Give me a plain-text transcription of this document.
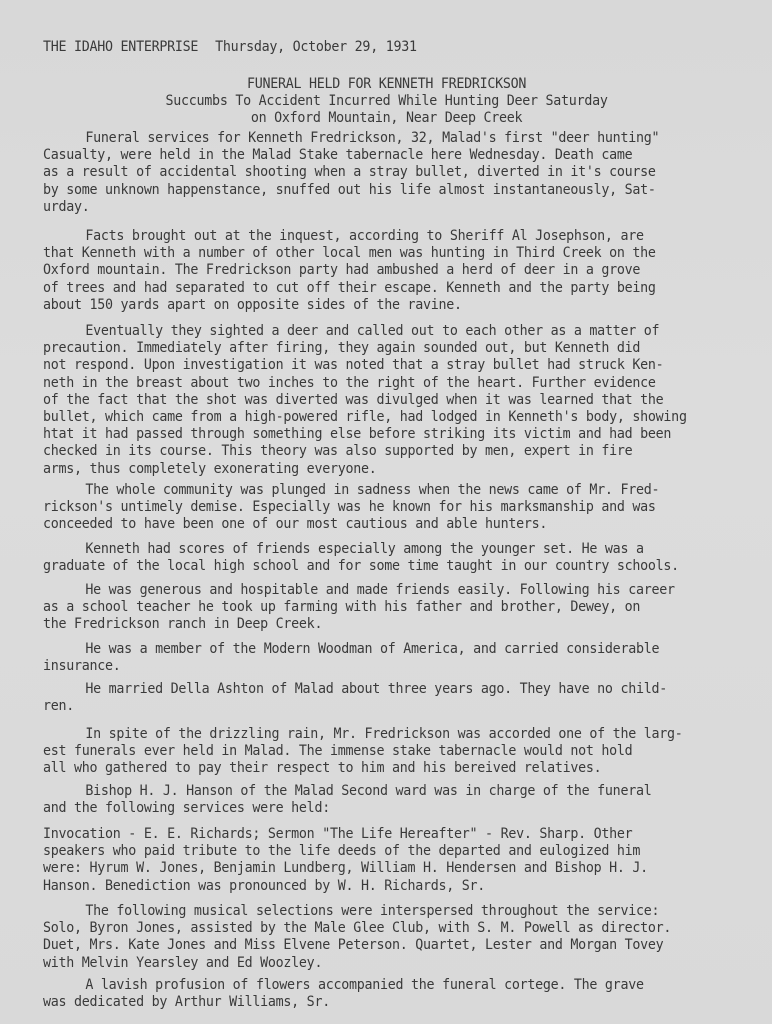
THE IDAHO ENTERPRISE Thursday, October 29, 1931
FUNERAL HELD FOR KENNETH FREDRICKSON
Succumbs To Accident Incurred While Hunting Deer Saturday
on Oxford Mountain, Near Deep Creek
Funeral services for Kenneth Fredrickson, 32, Malad's first "deer hunting"
Casualty, were held in the Malad Stake tabernacle here Wednesday. Death came
as a result of accidental shooting when a stray bullet, diverted in it's course
by some unknown happenstance, snuffed out his life almost instantaneously, Sat-
urday.
Facts brought out at the inquest, according to Sheriff Al Josephson, are
that Kenneth with a number of other local men was hunting in Third Creek on the
Oxford mountain. The Fredrickson party had ambushed a herd of deer in a grove
of trees and had separated to cut off their escape. Kenneth and the party being
about 150 yards apart on opposite sides of the ravine.
Eventually they sighted a deer and called out to each other as a matter of
precaution. Immediately after firing, they again sounded out, but Kenneth did
not respond. Upon investigation it was noted that a stray bullet had struck Ken-
neth in the breast about two inches to the right of the heart. Further evidence
of the fact that the shot was diverted was divulged when it was learned that the
bullet, which came from a high-powered rifle, had lodged in Kenneth's body, showing
htat it had passed through something else before striking its victim and had been
checked in its course. This theory was also supported by men, expert in fire
arms, thus completely exonerating everyone.
The whole community was plunged in sadness when the news came of Mr. Fred-
rickson's untimely demise. Especially was he known for his marksmanship and was
conceeded to have been one of our most cautious and able hunters.
Kenneth had scores of friends especially among the younger set. He was a
graduate of the local high school and for some time taught in our country schools.
He was generous and hospitable and made friends easily. Following his career
as a school teacher he took up farming with his father and brother, Dewey, on
the Fredrickson ranch in Deep Creek.
He was a member of the Modern Woodman of America, and carried considerable
insurance.
He married Della Ashton of Malad about three years ago. They have no child-
ren.
In spite of the drizzling rain, Mr. Fredrickson was accorded one of the larg-
est funerals ever held in Malad. The immense stake tabernacle would not hold
all who gathered to pay their respect to him and his bereived relatives.
Bishop H. J. Hanson of the Malad Second ward was in charge of the funeral
and the following services were held:
Invocation - E. E. Richards; Sermon "The Life Hereafter" - Rev. Sharp. Other
speakers who paid tribute to the life deeds of the departed and eulogized him
were: Hyrum W. Jones, Benjamin Lundberg, William H. Hendersen and Bishop H. J.
Hanson. Benediction was pronounced by W. H. Richards, Sr.
The following musical selections were interspersed throughout the service:
Solo, Byron Jones, assisted by the Male Glee Club, with S. M. Powell as director.
Duet, Mrs. Kate Jones and Miss Elvene Peterson. Quartet, Lester and Morgan Tovey
with Melvin Yearsley and Ed Woozley.
A lavish profusion of flowers accompanied the funeral cortege. The grave
was dedicated by Arthur Williams, Sr.
